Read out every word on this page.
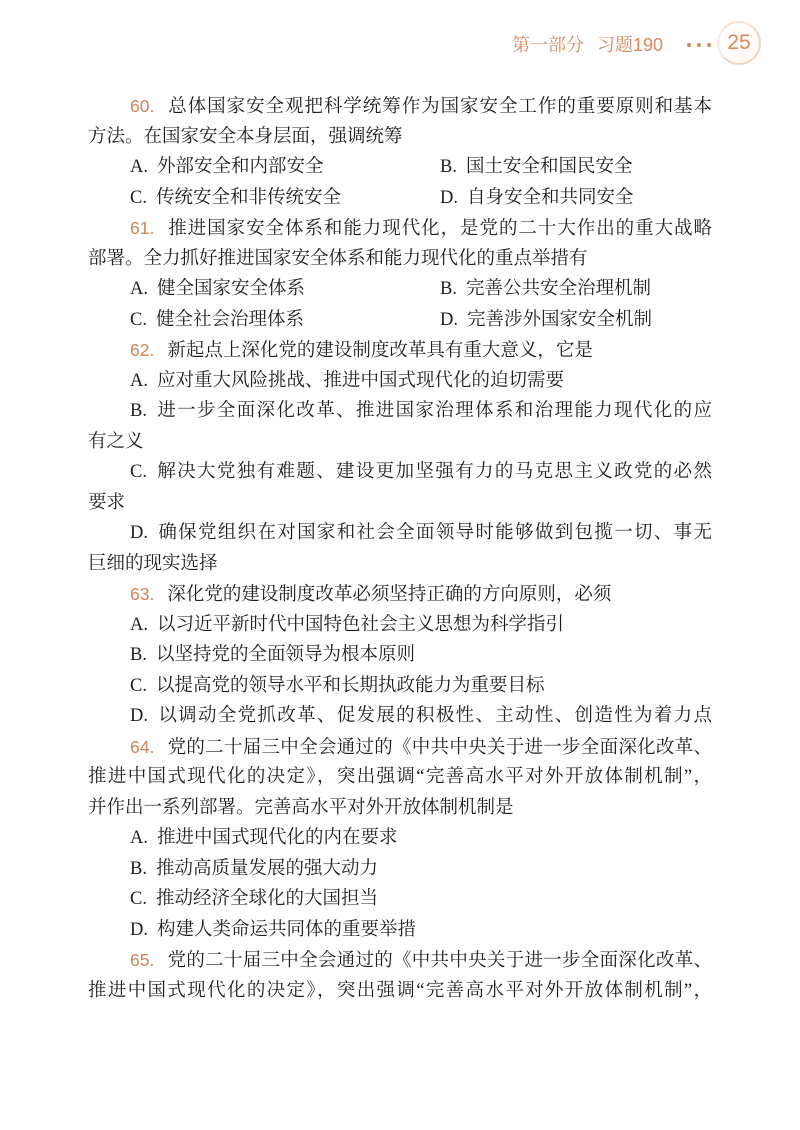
第一部分 习题190	25
60. 总体国家安全观把科学统筹作为国家安全工作的重要原则和基本
方法。在国家安全本身层面，强调统筹
A. 外部安全和内部安全	B. 国土安全和国民安全
C. 传统安全和非传统安全	D. 自身安全和共同安全
61. 推进国家安全体系和能力现代化，是党的二十大作出的重大战略
部署。全力抓好推进国家安全体系和能力现代化的重点举措有
A. 健全国家安全体系	B. 完善公共安全治理机制
C. 健全社会治理体系	D. 完善涉外国家安全机制
62. 新起点上深化党的建设制度改革具有重大意义，它是
A. 应对重大风险挑战、推进中国式现代化的迫切需要
B. 进一步全面深化改革、推进国家治理体系和治理能力现代化的应
有之义
C. 解决大党独有难题、建设更加坚强有力的马克思主义政党的必然
要求
D. 确保党组织在对国家和社会全面领导时能够做到包揽一切、事无
巨细的现实选择
63. 深化党的建设制度改革必须坚持正确的方向原则，必须
A. 以习近平新时代中国特色社会主义思想为科学指引
B. 以坚持党的全面领导为根本原则
C. 以提高党的领导水平和长期执政能力为重要目标
D. 以调动全党抓改革、促发展的积极性、主动性、创造性为着力点
64. 党的二十届三中全会通过的《中共中央关于进一步全面深化改革、
推进中国式现代化的决定》，突出强调“完善高水平对外开放体制机制”，
并作出一系列部署。完善高水平对外开放体制机制是
A. 推进中国式现代化的内在要求
B. 推动高质量发展的强大动力
C. 推动经济全球化的大国担当
D. 构建人类命运共同体的重要举措
65. 党的二十届三中全会通过的《中共中央关于进一步全面深化改革、
推进中国式现代化的决定》，突出强调“完善高水平对外开放体制机制”，
